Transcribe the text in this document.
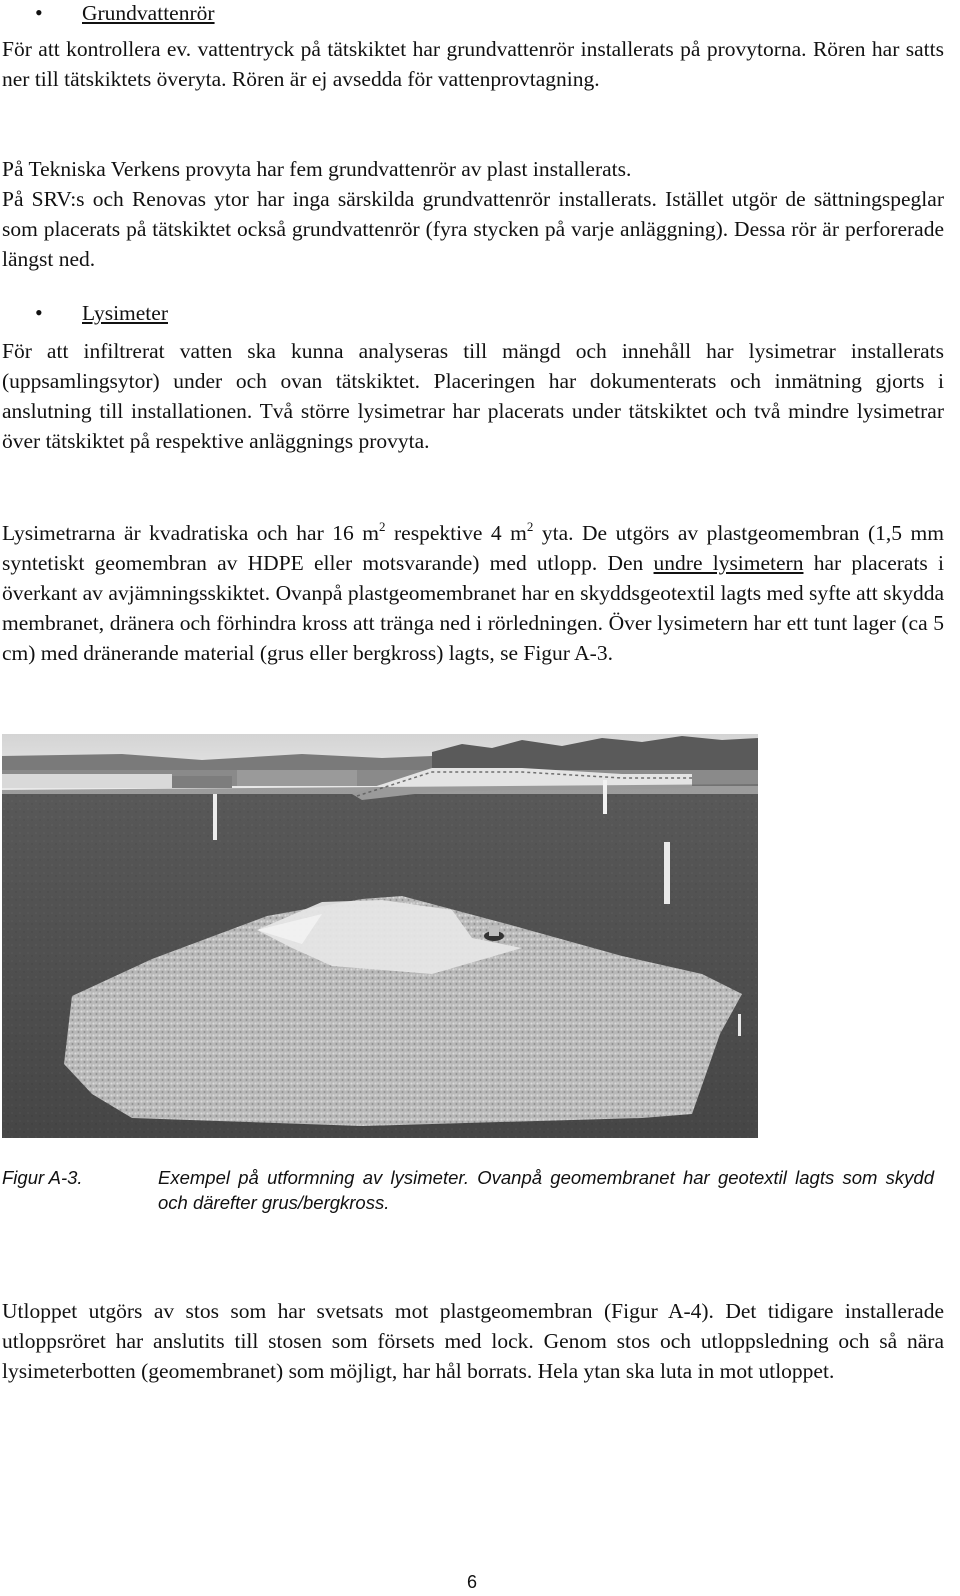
• Grundvattenrör

För att kontrollera ev. vattentryck på tätskiktet har grundvattenrör installerats på provytorna. Rören har satts ner till tätskiktets överyta. Rören är ej avsedda för vattenprovtagning.

På Tekniska Verkens provyta har fem grundvattenrör av plast installerats.

På SRV:s och Renovas ytor har inga särskilda grundvattenrör installerats. Istället utgör de sättningspeglar som placerats på tätskiktet också grundvattenrör (fyra stycken på varje anläggning). Dessa rör är perforerade längst ned.

• Lysimeter

För att infiltrerat vatten ska kunna analyseras till mängd och innehåll har lysimetrar installerats (uppsamlingsytor) under och ovan tätskiktet. Placeringen har dokumenterats och inmätning gjorts i anslutning till installationen. Två större lysimetrar har placerats under tätskiktet och två mindre lysimetrar över tätskiktet på respektive anläggnings provyta.

Lysimetrarna är kvadratiska och har 16 $m^2$ respektive 4 $m^2$ yta. De utgörs av plastgeomembran (1,5 mm syntetiskt geomembran av HDPE eller motsvarande) med utlopp. Den undre lysimetern har placerats i överkant av avjämningsskiktet. Ovanpå plastgeomembranet har en skyddsgeotextil lagts med syfte att skydda membranet, dränera och förhindra kross att tränga ned i rörledningen. Över lysimetern har ett tunt lager (ca 5 cm) med dränerande material (grus eller bergkross) lagts, se Figur A-3.

Figur A-3.	Exempel på utformning av lysimeter. Ovanpå geomembranet har geotextil lagts som skydd och därefter grus/bergkross.

Utloppet utgörs av stos som har svetsats mot plastgeomembran (Figur A-4). Det tidigare installerade utloppsröret har anslutits till stosen som försets med lock. Genom stos och utloppsledning och så nära lysimeterbotten (geomembranet) som möjligt, har hål borrats. Hela ytan ska luta in mot utloppet.

6
